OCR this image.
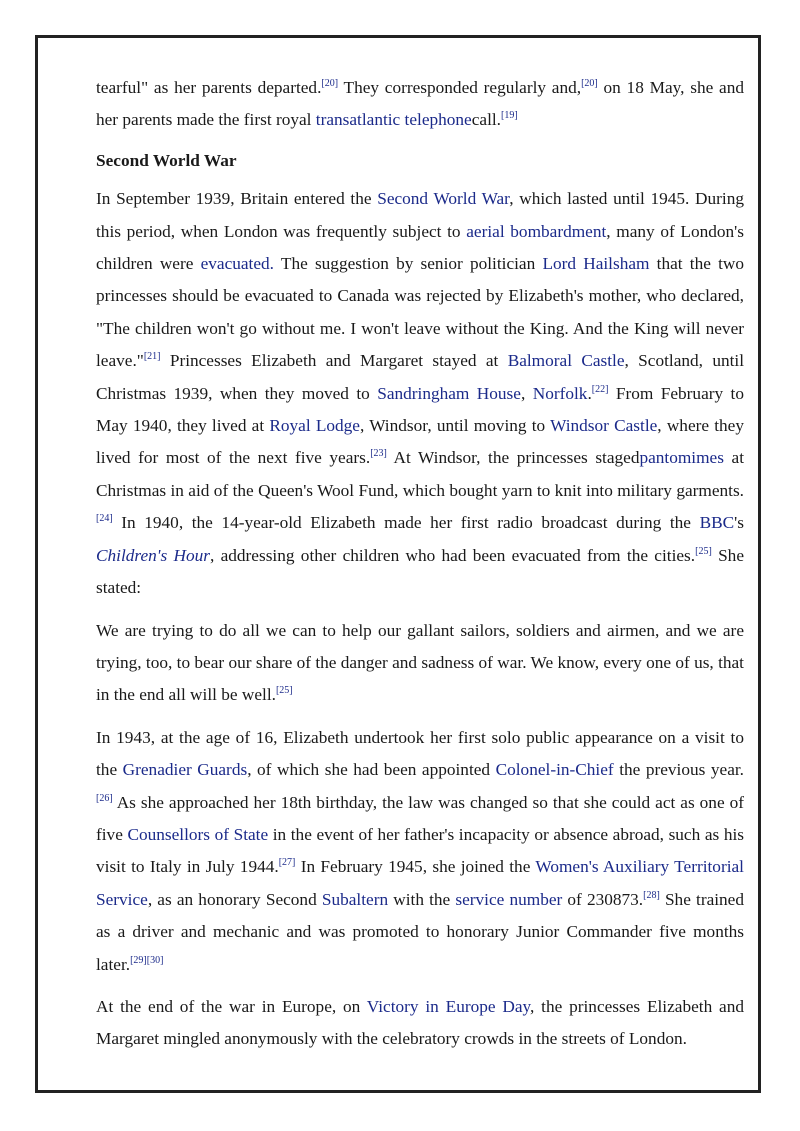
tearful" as her parents departed.[20] They corresponded regularly and,[20] on 18 May, she and her parents made the first royal transatlantic telephonecall.[19]

Second World War

In September 1939, Britain entered the Second World War, which lasted until 1945. During this period, when London was frequently subject to aerial bombardment, many of London's children were evacuated. The suggestion by senior politician Lord Hailsham that the two princesses should be evacuated to Canada was rejected by Elizabeth's mother, who declared, "The children won't go without me. I won't leave without the King. And the King will never leave."[21] Princesses Elizabeth and Margaret stayed at Balmoral Castle, Scotland, until Christmas 1939, when they moved to Sandringham House, Norfolk.[22] From February to May 1940, they lived at Royal Lodge, Windsor, until moving to Windsor Castle, where they lived for most of the next five years.[23] At Windsor, the princesses stagedpantomimes at Christmas in aid of the Queen's Wool Fund, which bought yarn to knit into military garments.[24] In 1940, the 14-year-old Elizabeth made her first radio broadcast during the BBC's Children's Hour, addressing other children who had been evacuated from the cities.[25] She stated:

We are trying to do all we can to help our gallant sailors, soldiers and airmen, and we are trying, too, to bear our share of the danger and sadness of war. We know, every one of us, that in the end all will be well.[25]

In 1943, at the age of 16, Elizabeth undertook her first solo public appearance on a visit to the Grenadier Guards, of which she had been appointed Colonel-in-Chief the previous year.[26] As she approached her 18th birthday, the law was changed so that she could act as one of five Counsellors of State in the event of her father's incapacity or absence abroad, such as his visit to Italy in July 1944.[27] In February 1945, she joined the Women's Auxiliary Territorial Service, as an honorary Second Subaltern with the service number of 230873.[28] She trained as a driver and mechanic and was promoted to honorary Junior Commander five months later.[29][30]

At the end of the war in Europe, on Victory in Europe Day, the princesses Elizabeth and Margaret mingled anonymously with the celebratory crowds in the streets of London.
